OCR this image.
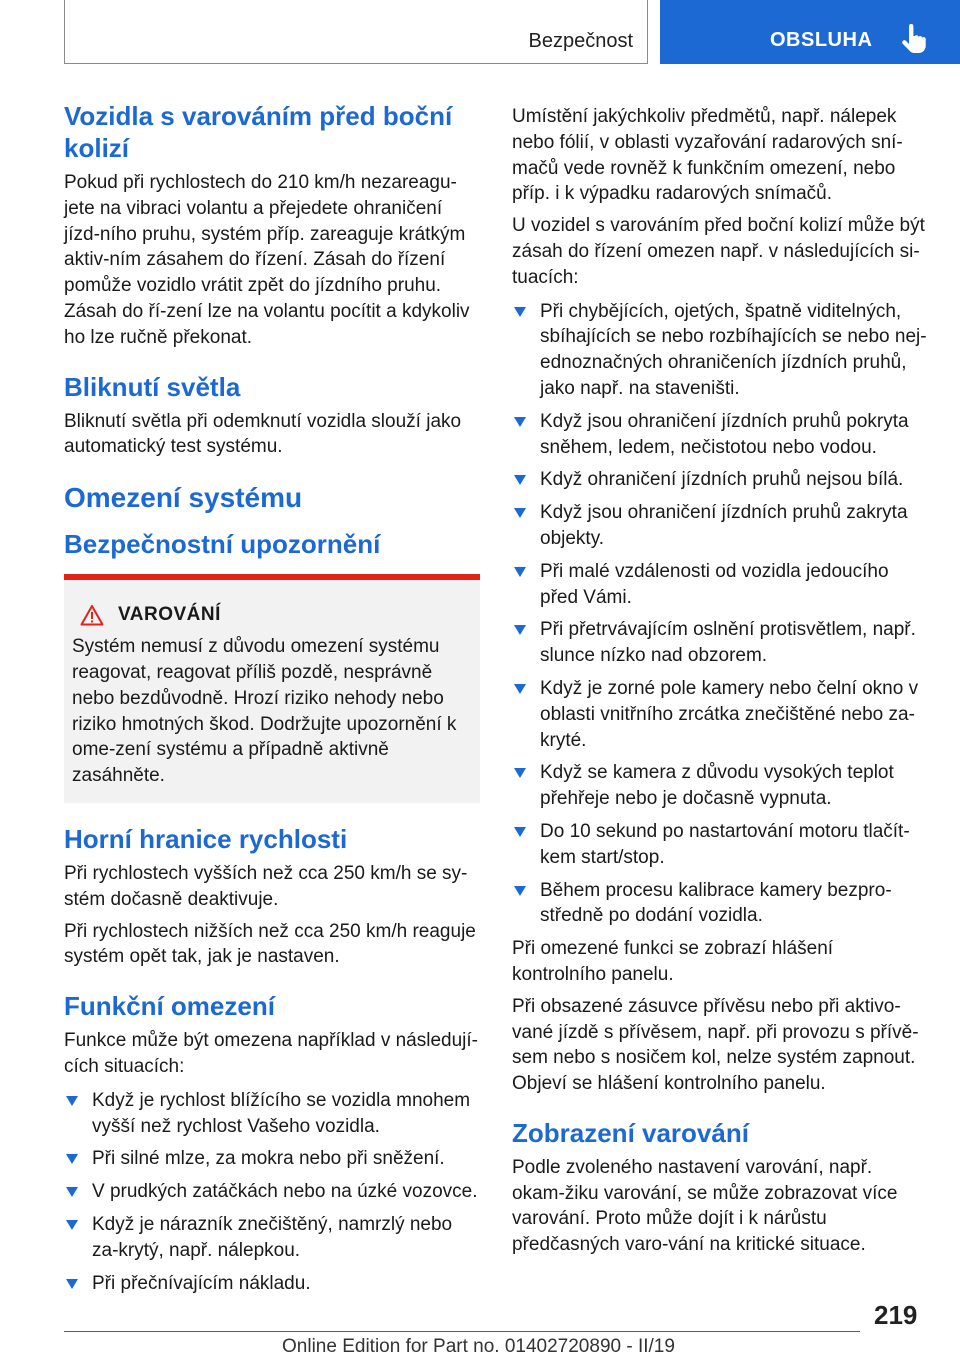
Bezpečnost	OBSLUHA
Vozidla s varováním před boční kolizí

Pokud při rychlostech do 210 km/h nezareagu‐jete na vibraci volantu a přejedete ohraničení jízd‐ního pruhu, systém příp. zareaguje krátkým aktiv‐ním zásahem do řízení. Zásah do řízení pomůže vozidlo vrátit zpět do jízdního pruhu. Zásah do ří‐zení lze na volantu pocítit a kdykoliv ho lze ručně překonat.

Bliknutí světla

Bliknutí světla při odemknutí vozidla slouží jako automatický test systému.

Omezení systému
Bezpečnostní upozornění
VAROVÁNÍ

Systém nemusí z důvodu omezení systému reagovat, reagovat příliš pozdě, nesprávně nebo bezdůvodně. Hrozí riziko nehody nebo riziko hmotných škod. Dodržujte upozornění k ome‐zení systému a případně aktivně zasáhněte.

Horní hranice rychlosti

Při rychlostech vyšších než cca 250 km/h se sy‐stém dočasně deaktivuje.

Při rychlostech nižších než cca 250 km/h reaguje systém opět tak, jak je nastaven.

Funkční omezení

Funkce může být omezena například v následují‐cích situacích:

Když je rychlost blížícího se vozidla mnohem vyšší než rychlost Vašeho vozidla.
Při silné mlze, za mokra nebo při sněžení.
V prudkých zatáčkách nebo na úzké vozovce.
Když je nárazník znečištěný, namrzlý nebo za‐krytý, např. nálepkou.
Při přečnívajícím nákladu.

Umístění jakýchkoliv předmětů, např. nálepek nebo fólií, v oblasti vyzařování radarových sní‐mačů vede rovněž k funkčním omezení, nebo příp. i k výpadku radarových snímačů.

U vozidel s varováním před boční kolizí může být zásah do řízení omezen např. v následujících si‐tuacích:

Při chybějících, ojetých, špatně viditelných, sbíhajících se nebo rozbíhajících se nebo nej‐ednoznačných ohraničeních jízdních pruhů, jako např. na staveništi.
Když jsou ohraničení jízdních pruhů pokryta sněhem, ledem, nečistotou nebo vodou.
Když ohraničení jízdních pruhů nejsou bílá.
Když jsou ohraničení jízdních pruhů zakryta objekty.
Při malé vzdálenosti od vozidla jedoucího před Vámi.
Při přetrvávajícím oslnění protisvětlem, např. slunce nízko nad obzorem.
Když je zorné pole kamery nebo čelní okno v oblasti vnitřního zrcátka znečištěné nebo za‐kryté.
Když se kamera z důvodu vysokých teplot přehřeje nebo je dočasně vypnuta.
Do 10 sekund po nastartování motoru tlačít‐kem start/stop.
Během procesu kalibrace kamery bezpro‐středně po dodání vozidla.

Při omezené funkci se zobrazí hlášení kontrolního panelu.

Při obsazené zásuvce přívěsu nebo při aktivo‐vané jízdě s přívěsem, např. při provozu s přívě‐sem nebo s nosičem kol, nelze systém zapnout. Objeví se hlášení kontrolního panelu.

Zobrazení varování

Podle zvoleného nastavení varování, např. okam‐žiku varování, se může zobrazovat více varování. Proto může dojít i k nárůstu předčasných varo‐vání na kritické situace.

219
Online Edition for Part no. 01402720890 - II/19
